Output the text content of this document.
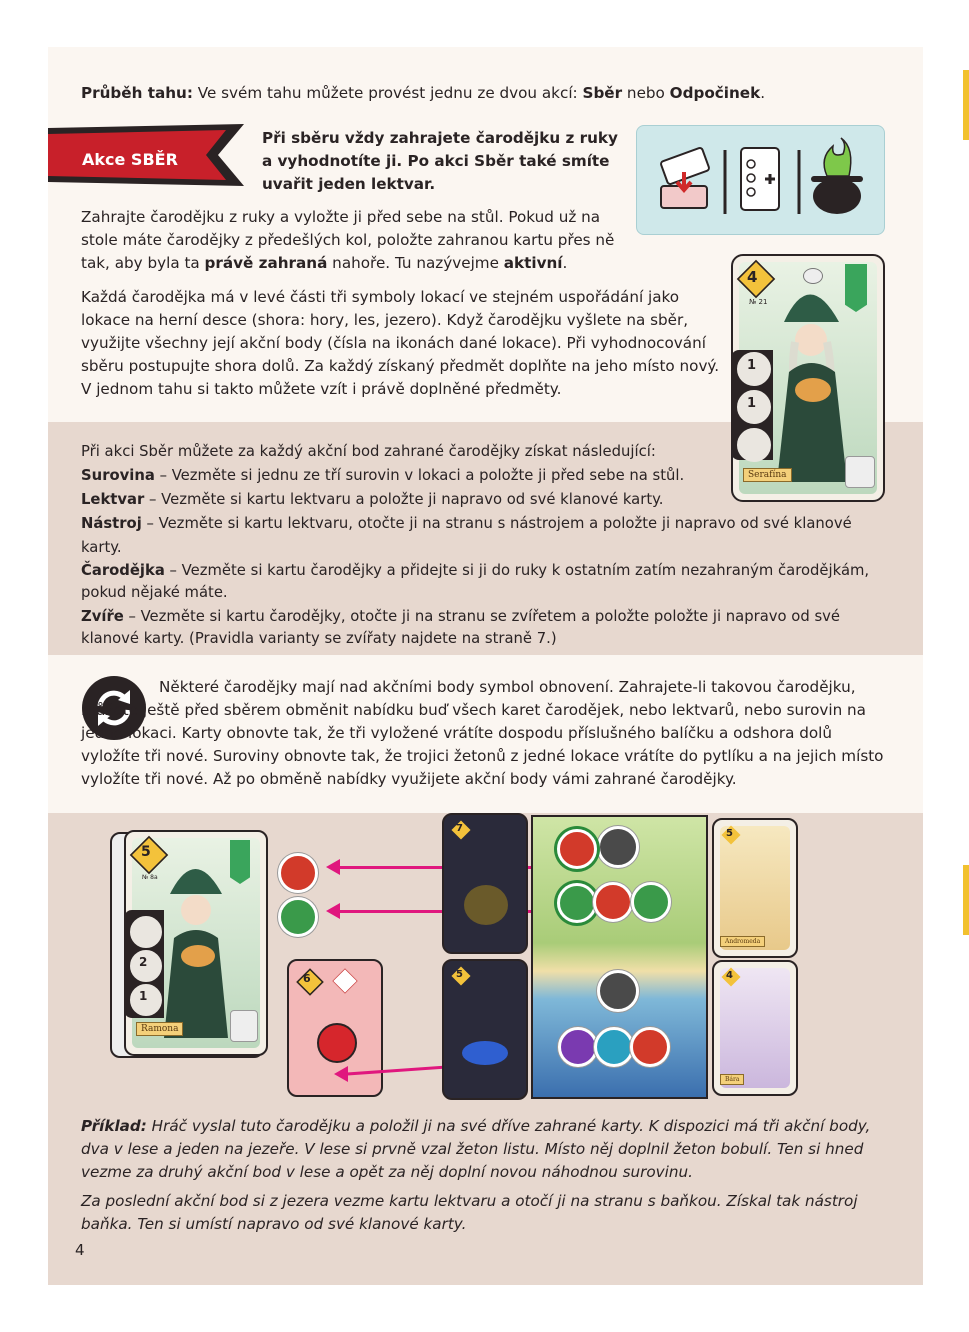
Průběh tahu: Ve svém tahu můžete provést jednu ze dvou akcí: Sběr nebo Odpočinek.

Akce SBĚR

Při sběru vždy zahrajete čarodějku z ruky a vyhodnotíte ji. Po akci Sběr také smíte uvařit jeden lektvar.

Zahrajte čarodějku z ruky a vyložte ji před sebe na stůl. Pokud už na stole máte čarodějky z předešlých kol, položte zahranou kartu přes ně tak, aby byla ta právě zahraná nahoře. Tu nazývejme aktivní.

Každá čarodějka má v levé části tři symboly lokací ve stejném uspořádání jako lokace na herní desce (shora: hory, les, jezero). Když čarodějku vyšlete na sběr, využijte všechny její akční body (čísla na ikonách dané lokace). Při vyhodnocování sběru postupujte shora dolů. Za každý získaný předmět doplňte na jeho místo nový. V jednom tahu si takto můžete vzít i právě doplněné předměty.

Při akci Sběr můžete za každý akční bod zahrané čarodějky získat následující:
Surovina – Vezměte si jednu ze tří surovin v lokaci a položte ji před sebe na stůl.
Lektvar – Vezměte si kartu lektvaru a položte ji napravo od své klanové karty.
Nástroj – Vezměte si kartu lektvaru, otočte ji na stranu s nástrojem a položte ji napravo od své klanové karty.
Čarodějka – Vezměte si kartu čarodějky a přidejte si ji do ruky k ostatním zatím nezahraným čarodějkám, pokud nějaké máte.
Zvíře – Vezměte si kartu čarodějky, otočte ji na stranu se zvířetem a položte položte ji napravo od své klanové karty. (Pravidla varianty se zvířaty najdete na straně 7.)
4
№ 21
Serafína
1
1

Některé čarodějky mají nad akčními body symbol obnovení. Zahrajete-li takovou čarodějku, můžete ještě před sběrem obměnit nabídku buď všech karet čarodějek, nebo lektvarů, nebo surovin na jedné lokaci. Karty obnovte tak, že tři vyložené vrátíte dospodu příslušného balíčku a odshora dolů vyložíte tři nové. Suroviny obnovte tak, že trojici žetonů z jedné lokace vrátíte do pytlíku a na jejich místo vyložíte tři nové. Až po obměně nabídky využijete akční body vámi zahrané čarodějky.

5
№ 8a
Ramona
2
1
6
7
5
5
Andromeda
4
Bára

Příklad: Hráč vyslal tuto čarodějku a položil ji na své dříve zahrané karty. K dispozici má tři akční body, dva v lese a jeden na jezeře. V lese si prvně vzal žeton listu. Místo něj doplnil žeton bobulí. Ten si hned vezme za druhý akční bod v lese a opět za něj doplní novou náhodnou surovinu.

Za poslední akční bod si z jezera vezme kartu lektvaru a otočí ji na stranu s baňkou. Získal tak nástroj baňka. Ten si umístí napravo od své klanové karty.

4
